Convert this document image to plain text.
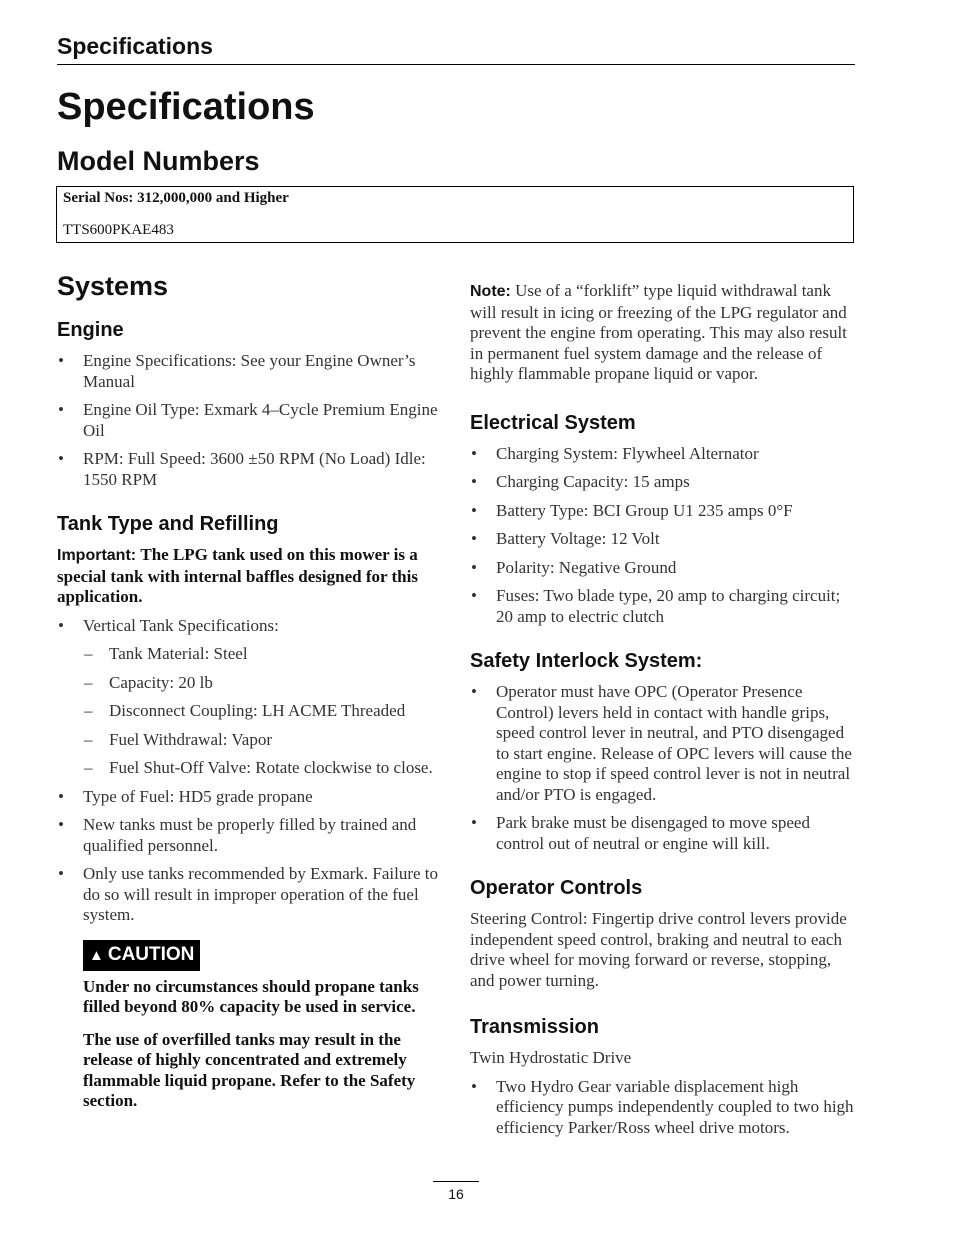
Specifications
Specifications
Model Numbers
Serial Nos: 312,000,000 and Higher
TTS600PKAE483
Systems
Engine
• Engine Specifications: See your Engine Owner’s Manual
• Engine Oil Type: Exmark 4–Cycle Premium Engine Oil
• RPM: Full Speed: 3600 ±50 RPM (No Load) Idle: 1550 RPM
Tank Type and Refilling
Important: The LPG tank used on this mower is a special tank with internal baffles designed for this application.
• Vertical Tank Specifications:
– Tank Material: Steel
– Capacity: 20 lb
– Disconnect Coupling: LH ACME Threaded
– Fuel Withdrawal: Vapor
– Fuel Shut-Off Valve: Rotate clockwise to close.
• Type of Fuel: HD5 grade propane
• New tanks must be properly filled by trained and qualified personnel.
• Only use tanks recommended by Exmark. Failure to do so will result in improper operation of the fuel system.
▲ CAUTION

Under no circumstances should propane tanks filled beyond 80% capacity be used in service.

The use of overfilled tanks may result in the release of highly concentrated and extremely flammable liquid propane. Refer to the Safety section.

Note: Use of a “forklift” type liquid withdrawal tank will result in icing or freezing of the LPG regulator and prevent the engine from operating. This may also result in permanent fuel system damage and the release of highly flammable propane liquid or vapor.
Electrical System
• Charging System: Flywheel Alternator
• Charging Capacity: 15 amps
• Battery Type: BCI Group U1 235 amps 0°F
• Battery Voltage: 12 Volt
• Polarity: Negative Ground
• Fuses: Two blade type, 20 amp to charging circuit; 20 amp to electric clutch
Safety Interlock System:
• Operator must have OPC (Operator Presence Control) levers held in contact with handle grips, speed control lever in neutral, and PTO disengaged to start engine. Release of OPC levers will cause the engine to stop if speed control lever is not in neutral and/or PTO is engaged.
• Park brake must be disengaged to move speed control out of neutral or engine will kill.
Operator Controls

Steering Control: Fingertip drive control levers provide independent speed control, braking and neutral to each drive wheel for moving forward or reverse, stopping, and power turning.

Transmission

Twin Hydrostatic Drive

• Two Hydro Gear variable displacement high efficiency pumps independently coupled to two high efficiency Parker/Ross wheel drive motors.
16
